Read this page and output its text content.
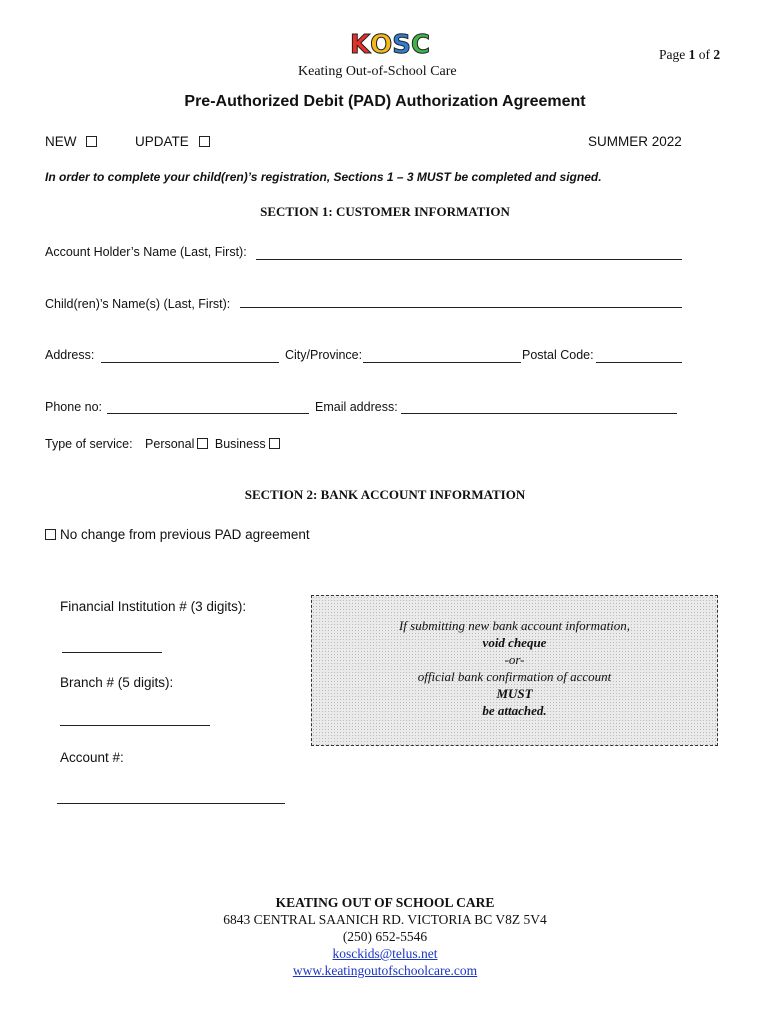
K O S C	Page 1 of 2
Keating Out-of-School Care
Pre-Authorized Debit (PAD) Authorization Agreement
NEW	UPDATE	SUMMER 2022
In order to complete your child(ren)’s registration, Sections 1 – 3 MUST be completed and signed.
SECTION 1: CUSTOMER INFORMATION
Account Holder’s Name (Last, First):
Child(ren)’s Name(s) (Last, First):
Address:	City/Province:	Postal Code:
Phone no:	Email address:
Type of service: Personal Business
SECTION 2: BANK ACCOUNT INFORMATION
No change from previous PAD agreement
Financial Institution # (3 digits):
Branch # (5 digits):
Account #:
If submitting new bank account information,
void cheque
-or-
official bank confirmation of account
MUST
be attached.
KEATING OUT OF SCHOOL CARE
6843 CENTRAL SAANICH RD. VICTORIA BC V8Z 5V4
(250) 652-5546
kosckids@telus.net
www.keatingoutofschoolcare.com
